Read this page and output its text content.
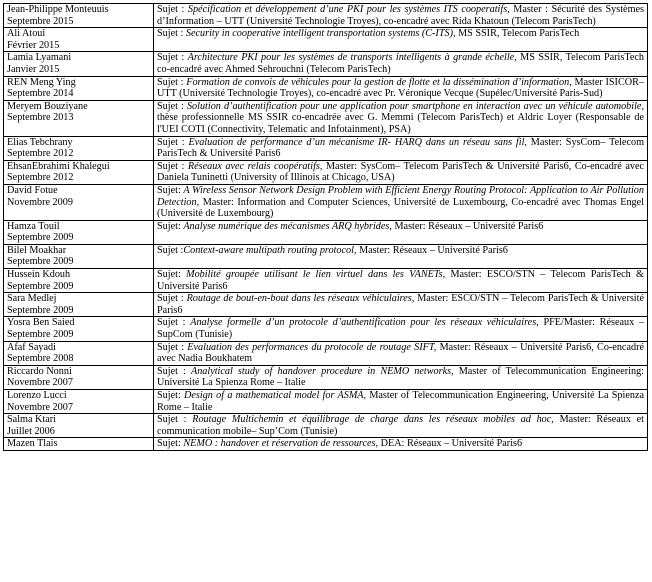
Jean-Philippe Monteuuis
Septembre 2015	Sujet : Spécification et développement d’une PKI pour les systèmes ITS cooperatifs, Master : Sécurité des Systèmes d’Information – UTT (Université Technologie Troyes), co-encadré avec Rida Khatoun (Telecom ParisTech)

Ali Atoui
Février 2015	Sujet : Security in cooperative intelligent transportation systems (C-ITS), MS SSIR, Telecom ParisTech

Lamia Lyamani
Janvier 2015	Sujet : Architecture PKI pour les systèmes de transports intelligents à grande échelle, MS SSIR, Telecom ParisTech co-encadré avec Ahmed Sehrouchni (Telecom ParisTech)

REN Meng Ying
Septembre 2014	Sujet : Formation de convois de véhicules pour la gestion de flotte et la dissémination d’information, Master ISICOR– UTT (Université Technologie Troyes), co-encadré avec Pr. Véronique Vecque (Supélec/Université Paris-Sud)

Meryem Bouziyane
Septembre 2013	Sujet : Solution d’authentification pour une application pour smartphone en interaction avec un véhicule automobile, thèse professionnelle MS SSIR co-encadrée avec G. Memmi (Telecom ParisTech) et Aldric Loyer (Responsable de l'UEI COTI (Connectivity, Telematic and Infotainment), PSA)

Elias Tebchrany
Septembre 2012	Sujet : Evaluation de performance d’un mécanisme IR- HARQ dans un réseau sans fil, Master: SysCom– Telecom ParisTech & Université Paris6

EhsanEbrahimi Khalegui
Septembre 2012	Sujet : Réseaux avec relais coopératifs, Master: SysCom– Telecom ParisTech & Université Paris6, Co-encadré avec Daniela Tuninetti (University of Illinois at Chicago, USA)

David Fotue
Novembre 2009	Sujet: A Wireless Sensor Network Design Problem with Efficient Energy Routing Protocol: Application to Air Pollution Detection, Master: Information and Computer Sciences, Université de Luxembourg, Co-encadré avec Thomas Engel (Université de Luxembourg)

Hamza Touil
Septembre 2009	Sujet: Analyse numérique des mécanismes ARQ hybrides, Master: Réseaux – Université Paris6

Bilel Moakhar
Septembre 2009	Sujet :Context-aware multipath routing protocol, Master: Réseaux – Université Paris6

Hussein Kdouh
Septembre 2009	Sujet: Mobilité groupée utilisant le lien virtuel dans les VANETs, Master: ESCO/STN – Telecom ParisTech & Université Paris6

Sara Medlej
Septembre 2009	Sujet : Routage de bout-en-bout dans les réseaux véhiculaires, Master: ESCO/STN – Telecom ParisTech & Université Paris6

Yosra Ben Saied
Septembre 2009	Sujet : Analyse formelle d’un protocole d’authentification pour les réseaux véhiculaires, PFE/Master: Réseaux – SupCom (Tunisie)

Afaf Sayadi
Septembre 2008	Sujet : Evaluation des performances du protocole de routage SIFT, Master: Réseaux – Université Paris6, Co-encadré avec Nadia Boukhatem

Riccardo Nonni
Novembre 2007	Sujet : Analytical study of handover procedure in NEMO networks, Master of Telecommunication Engineering: Université La Spienza Rome – Italie

Lorenzo Lucci
Novembre 2007	Sujet: Design of a mathematical model for ASMA, Master of Telecommunication Engineering, Université La Spienza Rome – Italie

Salma Ktari
Juillet 2006	Sujet : Routage Multichemin et équilibrage de charge dans les réseaux mobiles ad hoc, Master: Réseaux et communication mobile– Sup’Com (Tunisie)

Mazen Tlais	Sujet: NEMO : handover et réservation de ressources, DEA: Réseaux – Université Paris6
